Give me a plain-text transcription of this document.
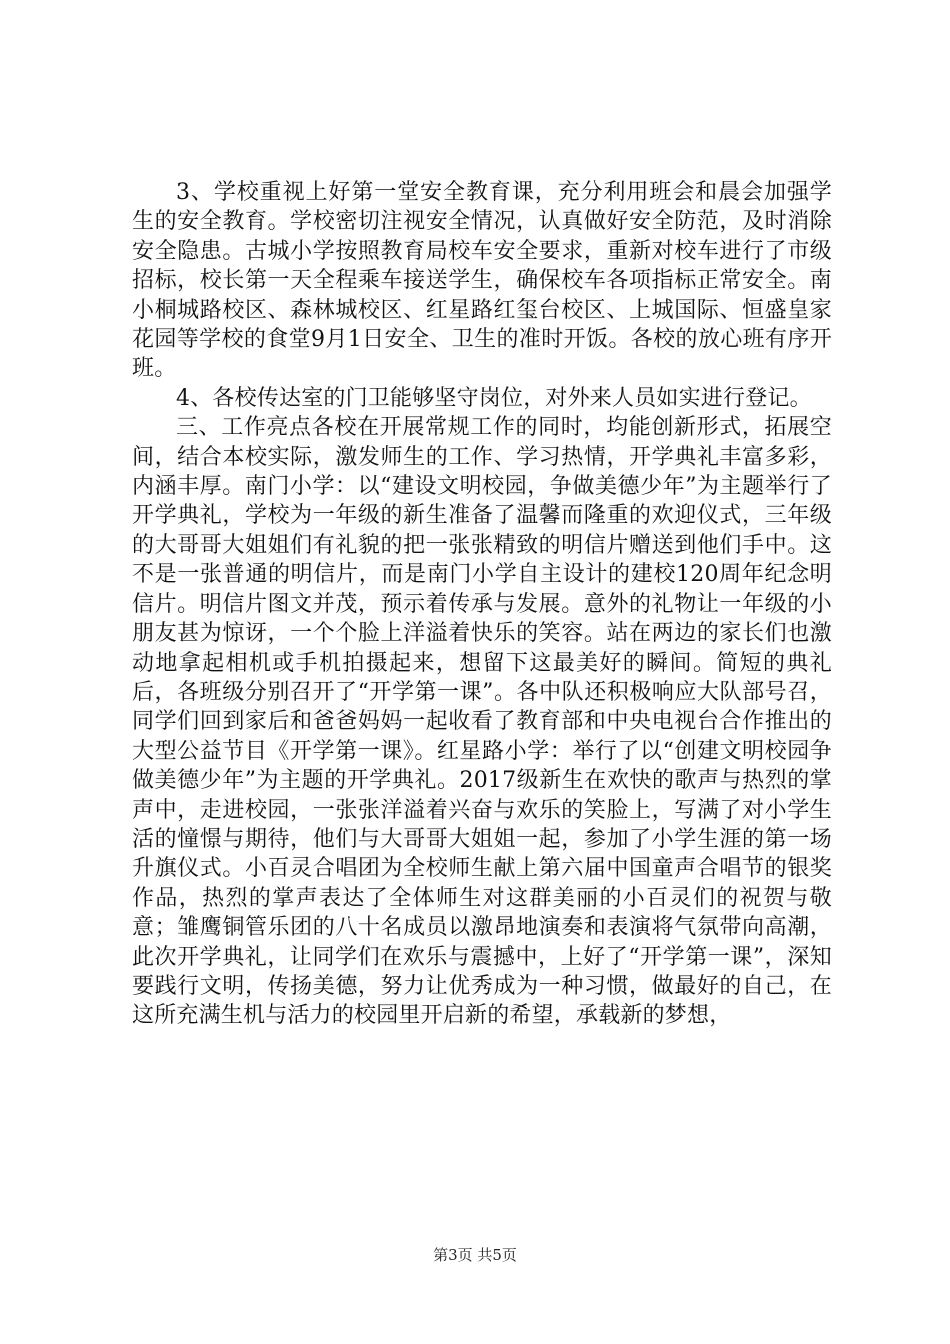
3、学校重视上好第一堂安全教育课，充分利用班会和晨会加强学生的安全教育。学校密切注视安全情况，认真做好安全防范，及时消除安全隐患。古城小学按照教育局校车安全要求，重新对校车进行了市级招标，校长第一天全程乘车接送学生，确保校车各项指标正常安全。南小桐城路校区、森林城校区、红星路红玺台校区、上城国际、恒盛皇家花园等学校的食堂9月1日安全、卫生的准时开饭。各校的放心班有序开班。

4、各校传达室的门卫能够坚守岗位，对外来人员如实进行登记。

三、工作亮点各校在开展常规工作的同时，均能创新形式，拓展空间，结合本校实际，激发师生的工作、学习热情，开学典礼丰富多彩，内涵丰厚。南门小学：以“建设文明校园，争做美德少年”为主题举行了开学典礼，学校为一年级的新生准备了温馨而隆重的欢迎仪式，三年级的大哥哥大姐姐们有礼貌的把一张张精致的明信片赠送到他们手中。这不是一张普通的明信片，而是南门小学自主设计的建校120周年纪念明信片。明信片图文并茂，预示着传承与发展。意外的礼物让一年级的小朋友甚为惊讶，一个个脸上洋溢着快乐的笑容。站在两边的家长们也激动地拿起相机或手机拍摄起来，想留下这最美好的瞬间。简短的典礼后，各班级分别召开了“开学第一课”。各中队还积极响应大队部号召，同学们回到家后和爸爸妈妈一起收看了教育部和中央电视台合作推出的大型公益节目《开学第一课》。红星路小学：举行了以“创建文明校园争做美德少年”为主题的开学典礼。2017级新生在欢快的歌声与热烈的掌声中，走进校园，一张张洋溢着兴奋与欢乐的笑脸上，写满了对小学生活的憧憬与期待，他们与大哥哥大姐姐一起，参加了小学生涯的第一场升旗仪式。小百灵合唱团为全校师生献上第六届中国童声合唱节的银奖作品，热烈的掌声表达了全体师生对这群美丽的小百灵们的祝贺与敬意；雏鹰铜管乐团的八十名成员以激昂地演奏和表演将气氛带向高潮，此次开学典礼，让同学们在欢乐与震撼中，上好了“开学第一课”，深知要践行文明，传扬美德，努力让优秀成为一种习惯，做最好的自己，在这所充满生机与活力的校园里开启新的希望，承载新的梦想，

第3页 共5页
